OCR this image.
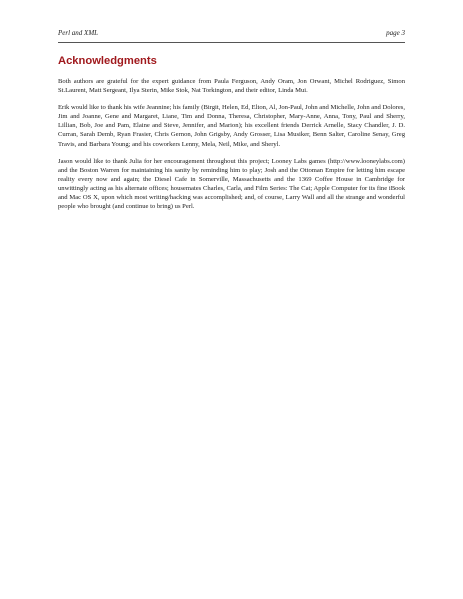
Perl and XML	page 3
Acknowledgments

Both authors are grateful for the expert guidance from Paula Ferguson, Andy Oram, Jon Orwant, Michel Rodriguez, Simon St.Laurent, Matt Sergeant, Ilya Sterin, Mike Stok, Nat Torkington, and their editor, Linda Mui.

Erik would like to thank his wife Jeannine; his family (Birgit, Helen, Ed, Elton, Al, Jon-Paul, John and Michelle, John and Dolores, Jim and Joanne, Gene and Margaret, Liane, Tim and Donna, Theresa, Christopher, Mary-Anne, Anna, Tony, Paul and Sherry, Lillian, Bob, Joe and Pam, Elaine and Steve, Jennifer, and Marion); his excellent friends Derrick Arnelle, Stacy Chandler, J. D. Curran, Sarah Demb, Ryan Frasier, Chris Gernon, John Grigsby, Andy Grosser, Lisa Musiker, Benn Salter, Caroline Senay, Greg Travis, and Barbara Young; and his coworkers Lenny, Mela, Neil, Mike, and Sheryl.

Jason would like to thank Julia for her encouragement throughout this project; Looney Labs games (http://www.looneylabs.com) and the Boston Warren for maintaining his sanity by reminding him to play; Josh and the Ottoman Empire for letting him escape reality every now and again; the Diesel Cafe in Somerville, Massachusetts and the 1369 Coffee House in Cambridge for unwittingly acting as his alternate offices; housemates Charles, Carla, and Film Series: The Cat; Apple Computer for its fine iBook and Mac OS X, upon which most writing/hacking was accomplished; and, of course, Larry Wall and all the strange and wonderful people who brought (and continue to bring) us Perl.
